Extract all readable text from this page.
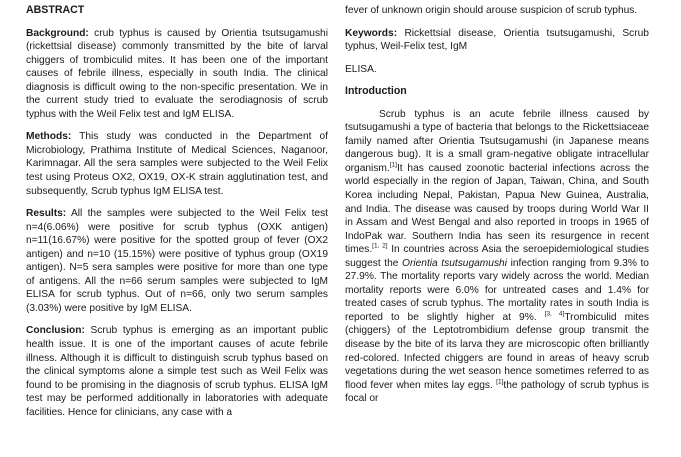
ABSTRACT

Background: crub typhus is caused by Orientia tsutsugamushi (rickettsial disease) commonly transmitted by the bite of larval chiggers of trombiculid mites. It has been one of the important causes of febrile illness, especially in south India. The clinical diagnosis is difficult owing to the non-specific presentation. We in the current study tried to evaluate the serodiagnosis of scrub typhus with the Weil Felix test and IgM ELISA.

Methods: This study was conducted in the Department of Microbiology, Prathima Institute of Medical Sciences, Naganoor, Karimnagar. All the sera samples were subjected to the Weil Felix test using Proteus OX2, OX19, OX-K strain agglutination test, and subsequently, Scrub typhus IgM ELISA test.

Results: All the samples were subjected to the Weil Felix test n=4(6.06%) were positive for scrub typhus (OXK antigen) n=11(16.67%) were positive for the spotted group of fever (OX2 antigen) and n=10 (15.15%) were positive of typhus group (OX19 antigen). N=5 sera samples were positive for more than one type of antigens. All the n=66 serum samples were subjected to IgM ELISA for scrub typhus. Out of n=66, only two serum samples (3.03%) were positive by IgM ELISA.

Conclusion: Scrub typhus is emerging as an important public health issue. It is one of the important causes of acute febrile illness. Although it is difficult to distinguish scrub typhus based on the clinical symptoms alone a simple test such as Weil Felix was found to be promising in the diagnosis of scrub typhus. ELISA IgM test may be performed additionally in laboratories with adequate facilities. Hence for clinicians, any case with a

fever of unknown origin should arouse suspicion of scrub typhus.

Keywords: Rickettsial disease, Orientia tsutsugamushi, Scrub typhus, Weil-Felix test, IgM

ELISA.

Introduction

Scrub typhus is an acute febrile illness caused by tsutsugamushi a type of bacteria that belongs to the Rickettsiaceae family named after Orientia Tsutsugamushi (in Japanese means dangerous bug). It is a small gram-negative obligate intracellular organism.[1]It has caused zoonotic bacterial infections across the world especially in the region of Japan, Taiwan, China, and South Korea including Nepal, Pakistan, Papua New Guinea, Australia, and India. The disease was caused by troops during World War II in Assam and West Bengal and also reported in troops in 1965 of IndoPak war. Southern India has seen its resurgence in recent times.[1, 2] In countries across Asia the seroepidemiological studies suggest the Orientia tsutsugamushi infection ranging from 9.3% to 27.9%. The mortality reports vary widely across the world. Median mortality reports were 6.0% for untreated cases and 1.4% for treated cases of scrub typhus. The mortality rates in south India is reported to be slightly higher at 9%. [3, 4]Trombiculid mites (chiggers) of the Leptotrombidium defense group transmit the disease by the bite of its larva they are microscopic often brilliantly red-colored. Infected chiggers are found in areas of heavy scrub vegetations during the wet season hence sometimes referred to as flood fever when mites lay eggs. [1]the pathology of scrub typhus is focal or
